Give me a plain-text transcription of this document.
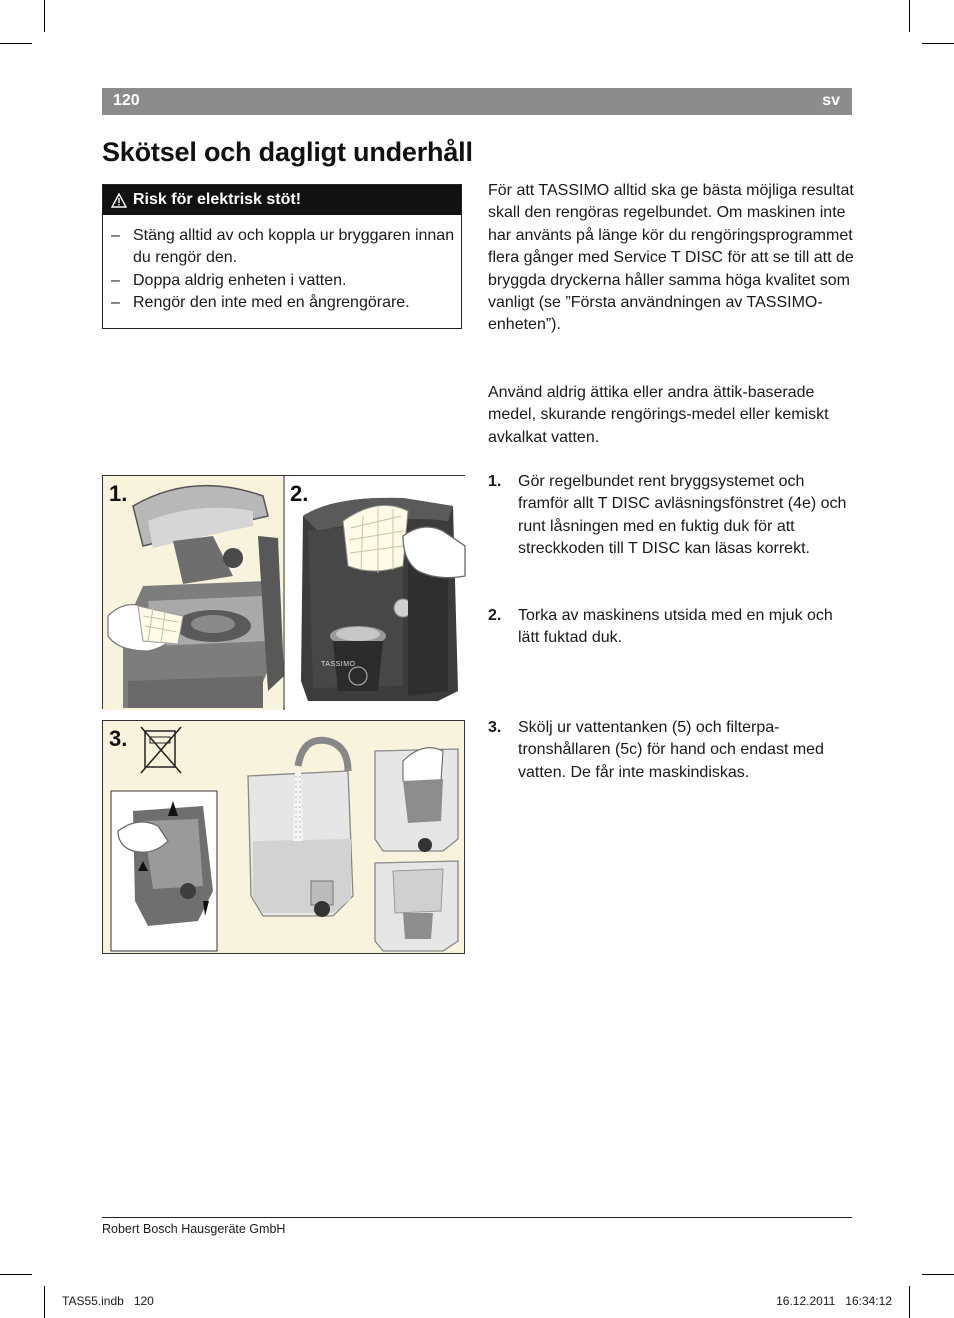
120	sv
Skötsel och dagligt underhåll
Risk för elektrisk stöt!
– Stäng alltid av och koppla ur bryggaren innan du rengör den.
– Doppa aldrig enheten i vatten.
– Rengör den inte med en ångrengörare.

För att TASSIMO alltid ska ge bästa möjliga resultat skall den rengöras regelbundet. Om maskinen inte har använts på länge kör du rengöringsprogrammet flera gånger med Service T DISC för att se till att de bryggda dryckerna håller samma höga kvalitet som vanligt (se ”Första användningen av TASSIMO-enheten”).

Använd aldrig ättika eller andra ättik-baserade medel, skurande rengörings-medel eller kemiskt avkalkat vatten.

1. Gör regelbundet rent bryggsystemet och framför allt T DISC avläsningsfönstret (4e) och runt låsningen med en fuktig duk för att streckkoden till T DISC kan läsas korrekt.
2. Torka av maskinens utsida med en mjuk och lätt fuktad duk.
3. Skölj ur vattentanken (5) och filterpa-tronshållaren (5c) för hand och endast med vatten. De får inte maskindiskas.
1.	2.
TASSIMO
3.
Robert Bosch Hausgeräte GmbH
TAS55.indb   120	16.12.2011   16:34:12
